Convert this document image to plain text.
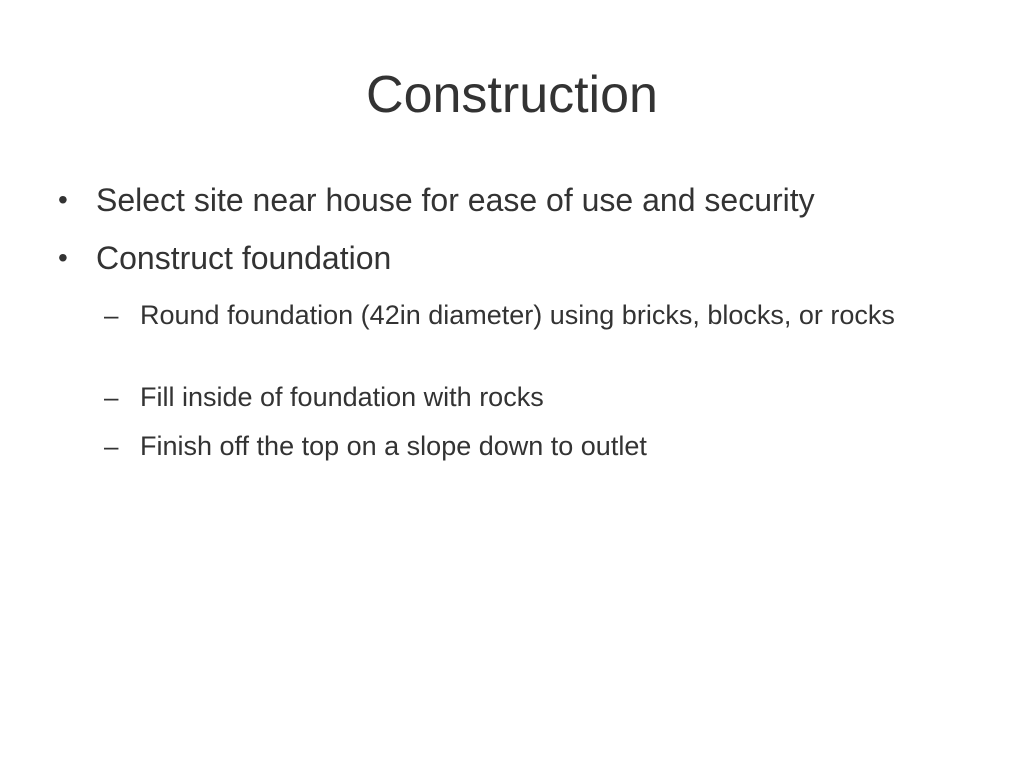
Construction
• Select site near house for ease of use and security
• Construct foundation
– Round foundation (42in diameter) using bricks, blocks, or rocks
– Fill inside of foundation with rocks
– Finish off the top on a slope down to outlet
